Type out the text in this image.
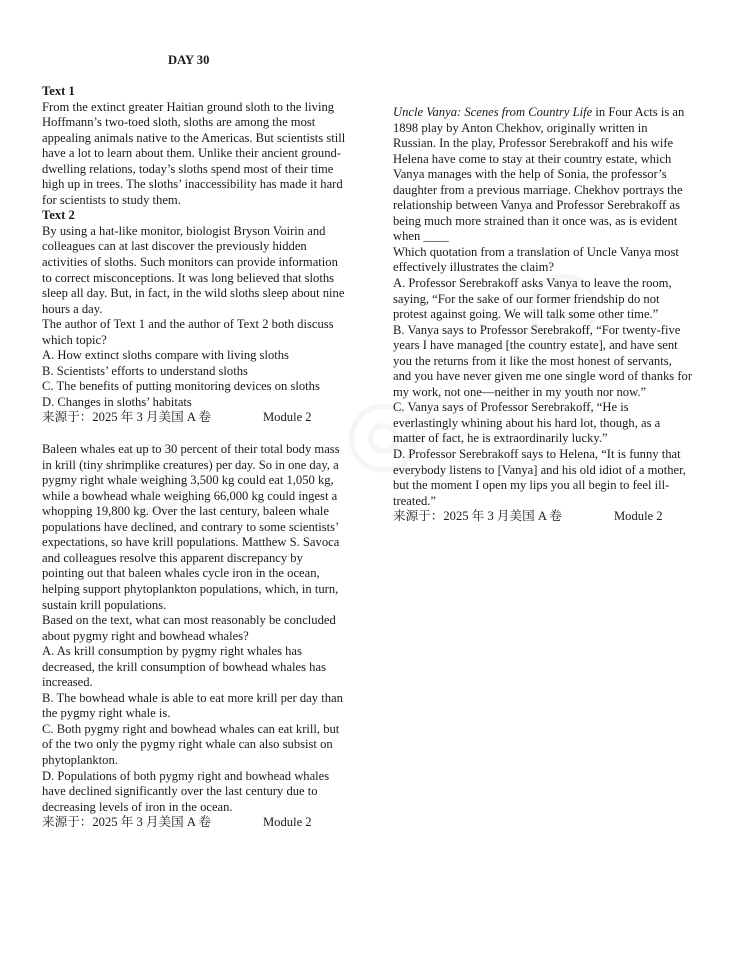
DAY 30

Text 1

From the extinct greater Haitian ground sloth to the living Hoffmann’s two-toed sloth, sloths are among the most appealing animals native to the Americas. But scientists still have a lot to learn about them. Unlike their ancient ground-dwelling relations, today’s sloths spend most of their time high up in trees. The sloths’ inaccessibility has made it hard for scientists to study them.

Text 2

By using a hat-like monitor, biologist Bryson Voirin and colleagues can at last discover the previously hidden activities of sloths. Such monitors can provide information to correct misconceptions. It was long believed that sloths sleep all day. But, in fact, in the wild sloths sleep about nine hours a day.

The author of Text 1 and the author of Text 2 both discuss which topic?

A. How extinct sloths compare with living sloths

B. Scientists’ efforts to understand sloths

C. The benefits of putting monitoring devices on sloths

D. Changes in sloths’ habitats

来源于：2025 年 3 月美国 A 卷	Module 2

Baleen whales eat up to 30 percent of their total body mass in krill (tiny shrimplike creatures) per day. So in one day, a pygmy right whale weighing 3,500 kg could eat 1,050 kg, while a bowhead whale weighing 66,000 kg could ingest a whopping 19,800 kg. Over the last century, baleen whale populations have declined, and contrary to some scientists’ expectations, so have krill populations. Matthew S. Savoca and colleagues resolve this apparent discrepancy by pointing out that baleen whales cycle iron in the ocean, helping support phytoplankton populations, which, in turn, sustain krill populations.

Based on the text, what can most reasonably be concluded about pygmy right and bowhead whales?

A. As krill consumption by pygmy right whales has decreased, the krill consumption of bowhead whales has increased.

B. The bowhead whale is able to eat more krill per day than the pygmy right whale is.

C. Both pygmy right and bowhead whales can eat krill, but of the two only the pygmy right whale can also subsist on phytoplankton.

D. Populations of both pygmy right and bowhead whales have declined significantly over the last century due to decreasing levels of iron in the ocean.

来源于：2025 年 3 月美国 A 卷	Module 2

Uncle Vanya: Scenes from Country Life in Four Acts is an 1898 play by Anton Chekhov, originally written in Russian. In the play, Professor Serebrakoff and his wife Helena have come to stay at their country estate, which Vanya manages with the help of Sonia, the professor’s daughter from a previous marriage. Chekhov portrays the relationship between Vanya and Professor Serebrakoff as being much more strained than it once was, as is evident when ____

Which quotation from a translation of Uncle Vanya most effectively illustrates the claim?

A. Professor Serebrakoff asks Vanya to leave the room, saying, “For the sake of our former friendship do not protest against going. We will talk some other time.”

B. Vanya says to Professor Serebrakoff, “For twenty-five years I have managed [the country estate], and have sent you the returns from it like the most honest of servants, and you have never given me one single word of thanks for my work, not one—neither in my youth nor now.”

C. Vanya says of Professor Serebrakoff, “He is everlastingly whining about his hard lot, though, as a matter of fact, he is extraordinarily lucky.”

D. Professor Serebrakoff says to Helena, “It is funny that everybody listens to [Vanya] and his old idiot of a mother, but the moment I open my lips you all begin to feel ill-treated.”

来源于：2025 年 3 月美国 A 卷	Module 2
